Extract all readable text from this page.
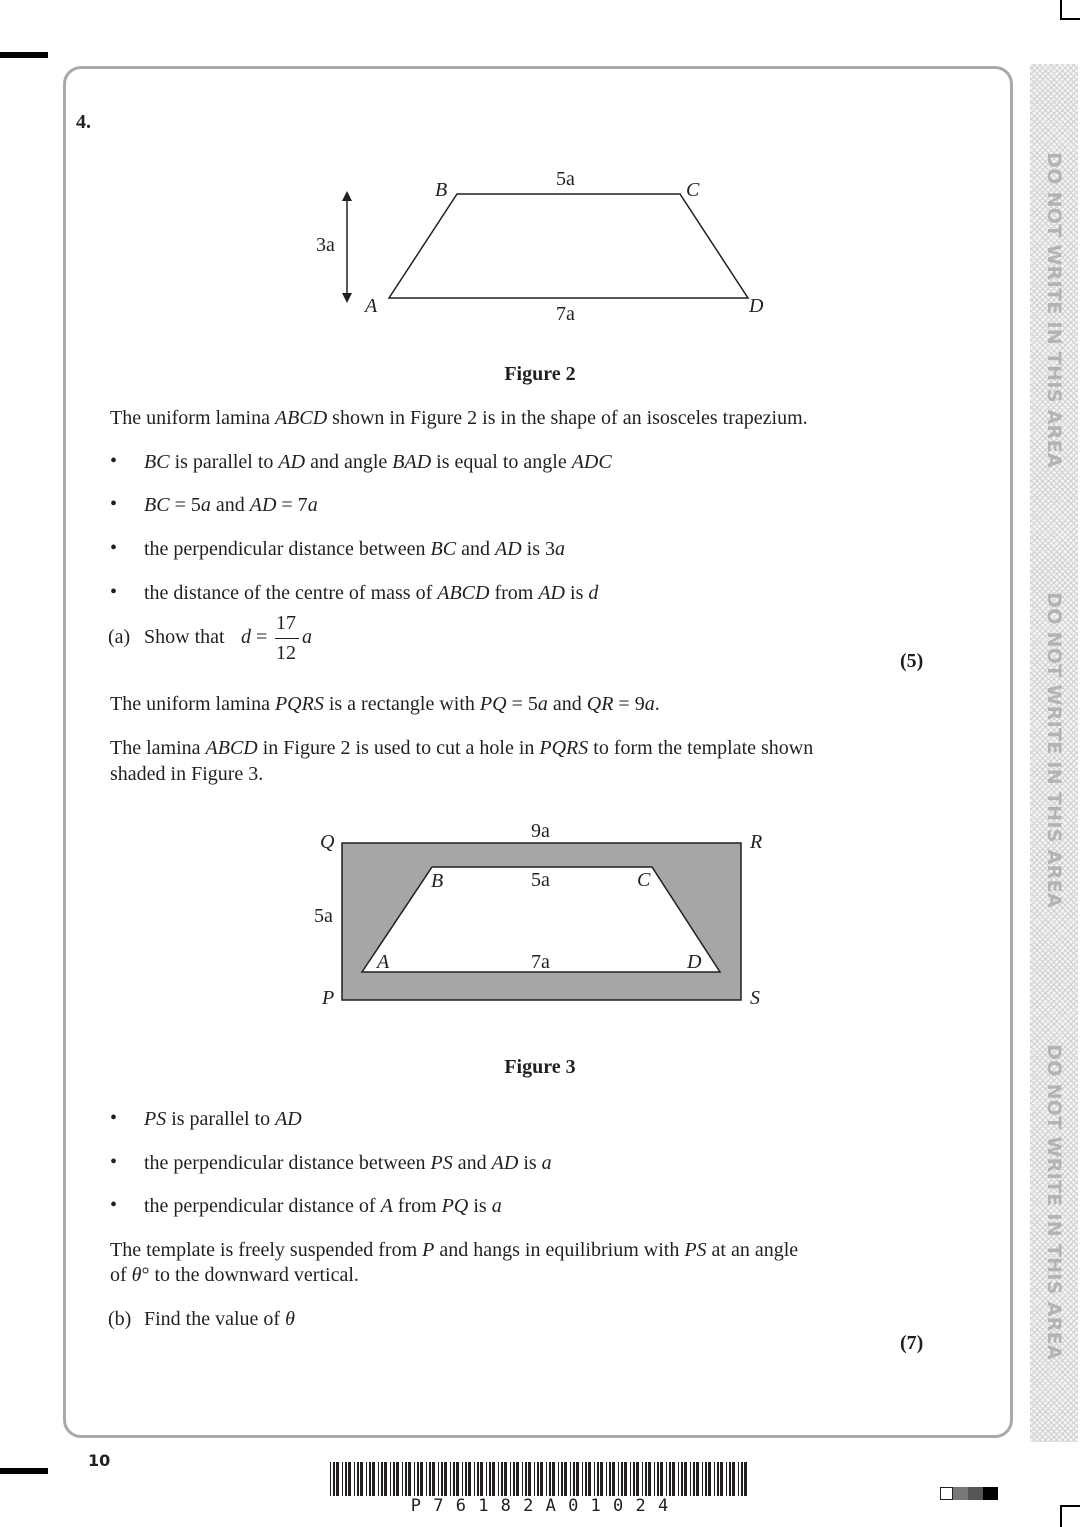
DO NOT WRITE IN THIS AREA
DO NOT WRITE IN THIS AREA
DO NOT WRITE IN THIS AREA
4.
A
B	C
D
5a
7a
3a
Figure 2
The uniform lamina ABCD shown in Figure 2 is in the shape of an isosceles trapezium.
• BC is parallel to AD and angle BAD is equal to angle ADC
• BC = 5a and AD = 7a
• the perpendicular distance between BC and AD is 3a
• the distance of the centre of mass of ABCD from AD is d
(a) Show that d =
17
12
a
(5)
The uniform lamina PQRS is a rectangle with PQ = 5a and QR = 9a.
The lamina ABCD in Figure 2 is used to cut a hole in PQRS to form the template shown
shaded in Figure 3.
Q	R
P	S
A
B	C
D
9a
5a
7a
5a
Figure 3
• PS is parallel to AD
• the perpendicular distance between PS and AD is a
• the perpendicular distance of A from PQ is a
The template is freely suspended from P and hangs in equilibrium with PS at an angle
of θ° to the downward vertical.
(b) Find the value of θ
(7)
10
P 7 6 1 8 2 A 0 1 0 2 4
